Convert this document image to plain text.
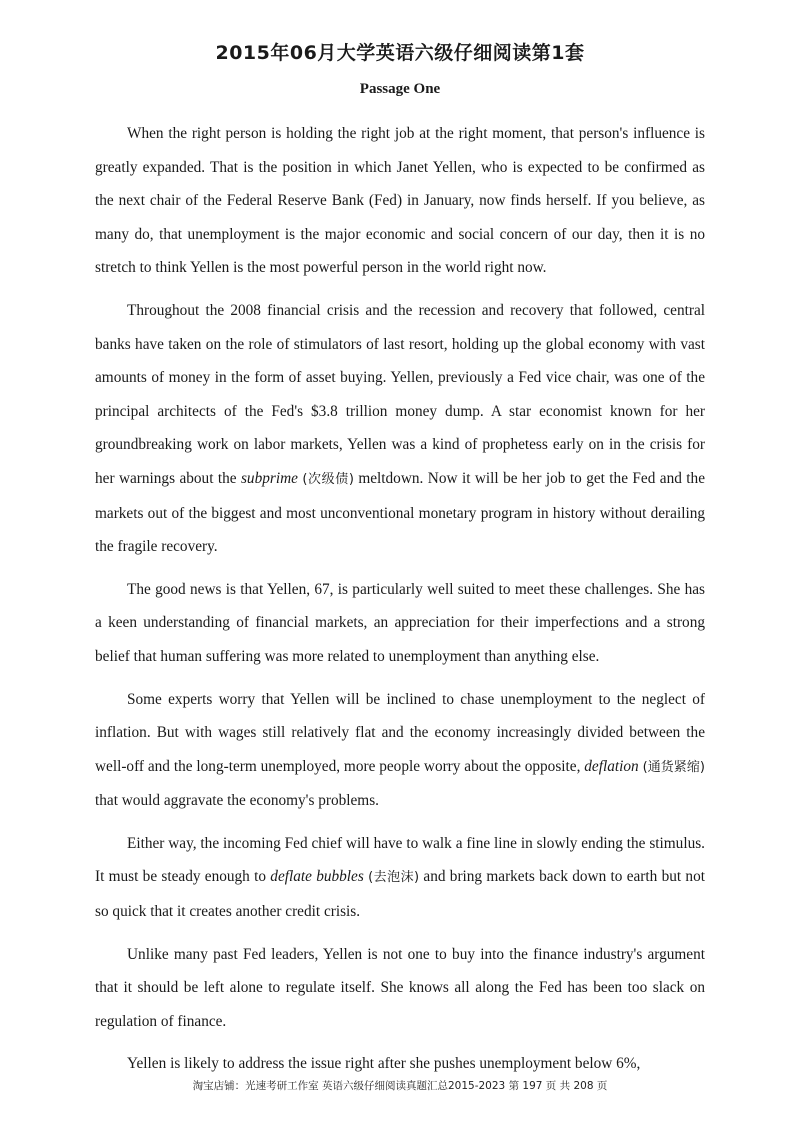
2015年06月大学英语六级仔细阅读第1套
Passage One

When the right person is holding the right job at the right moment, that person's influence is greatly expanded. That is the position in which Janet Yellen, who is expected to be confirmed as the next chair of the Federal Reserve Bank (Fed) in January, now finds herself. If you believe, as many do, that unemployment is the major economic and social concern of our day, then it is no stretch to think Yellen is the most powerful person in the world right now.

Throughout the 2008 financial crisis and the recession and recovery that followed, central banks have taken on the role of stimulators of last resort, holding up the global economy with vast amounts of money in the form of asset buying. Yellen, previously a Fed vice chair, was one of the principal architects of the Fed's $3.8 trillion money dump. A star economist known for her groundbreaking work on labor markets, Yellen was a kind of prophetess early on in the crisis for her warnings about the subprime (次级债) meltdown. Now it will be her job to get the Fed and the markets out of the biggest and most unconventional monetary program in history without derailing the fragile recovery.

The good news is that Yellen, 67, is particularly well suited to meet these challenges. She has a keen understanding of financial markets, an appreciation for their imperfections and a strong belief that human suffering was more related to unemployment than anything else.

Some experts worry that Yellen will be inclined to chase unemployment to the neglect of inflation. But with wages still relatively flat and the economy increasingly divided between the well-off and the long-term unemployed, more people worry about the opposite, deflation (通货紧缩) that would aggravate the economy's problems.

Either way, the incoming Fed chief will have to walk a fine line in slowly ending the stimulus. It must be steady enough to deflate bubbles (去泡沫) and bring markets back down to earth but not so quick that it creates another credit crisis.

Unlike many past Fed leaders, Yellen is not one to buy into the finance industry's argument that it should be left alone to regulate itself. She knows all along the Fed has been too slack on regulation of finance.

Yellen is likely to address the issue right after she pushes unemployment below 6%,

淘宝店铺：光速考研工作室 英语六级仔细阅读真题汇总2015-2023 第 197 页 共 208 页
